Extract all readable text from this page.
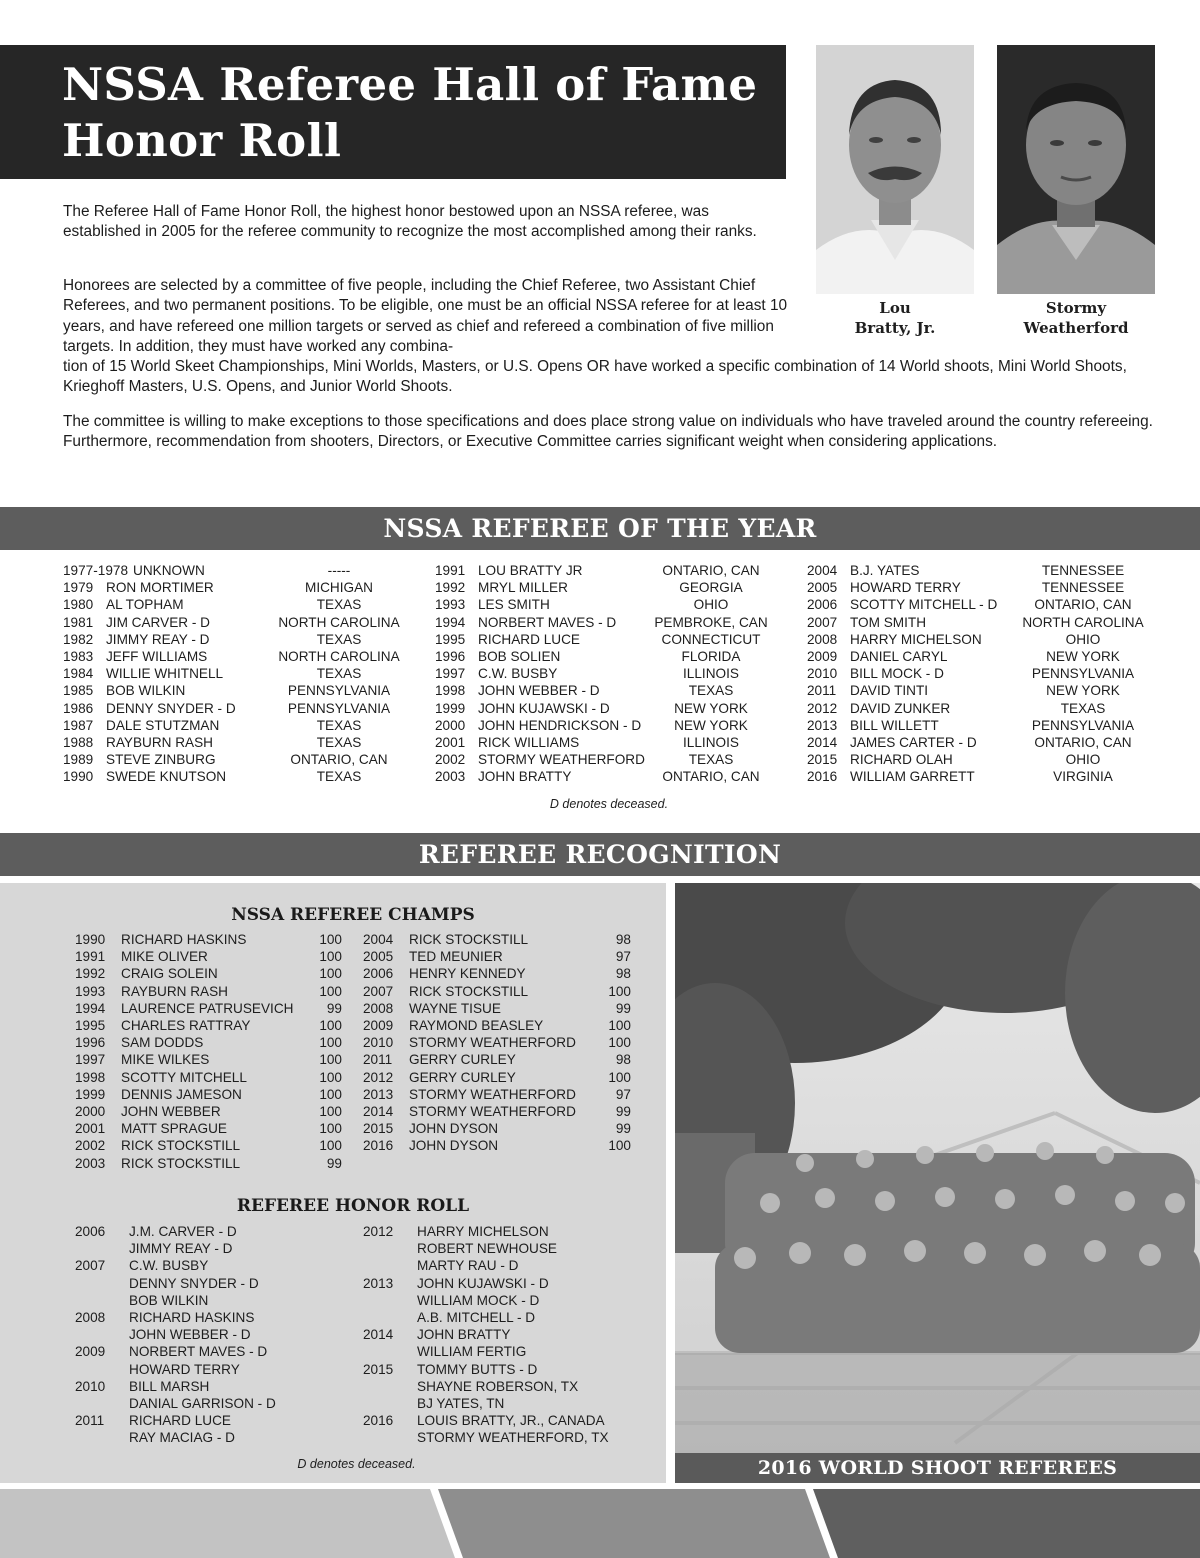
NSSA Referee Hall of Fame
Honor Roll

The Referee Hall of Fame Honor Roll, the highest honor bestowed upon an NSSA referee, was established in 2005 for the referee community to recognize the most accomplished among their ranks.

Honorees are selected by a committee of five people, including the Chief Referee, two Assistant Chief Referees, and two permanent positions. To be eligible, one must be an official NSSA referee for at least 10 years, and have refereed one million targets or served as chief and refereed a combination of five million targets. In addition, they must have worked any combina-
tion of 15 World Skeet Championships, Mini Worlds, Masters, or U.S. Opens OR have worked a specific combination of 14 World shoots, Mini World Shoots, Krieghoff Masters, U.S. Opens, and Junior World Shoots.

The committee is willing to make exceptions to those specifications and does place strong value on individuals who have traveled around the country refereeing. Furthermore, recommendation from shooters, Directors, or Executive Committee carries significant weight when considering applications.

Lou
Bratty, Jr.
Stormy
Weatherford
NSSA REFEREE OF THE YEAR
1977-1978 UNKNOWN	-----
1979 RON MORTIMER	MICHIGAN
1980 AL TOPHAM	TEXAS
1981 JIM CARVER - D	NORTH CAROLINA
1982 JIMMY REAY - D	TEXAS
1983 JEFF WILLIAMS	NORTH CAROLINA
1984 WILLIE WHITNELL	TEXAS
1985 BOB WILKIN	PENNSYLVANIA
1986 DENNY SNYDER - D	PENNSYLVANIA
1987 DALE STUTZMAN	TEXAS
1988 RAYBURN RASH	TEXAS
1989 STEVE ZINBURG	ONTARIO, CAN
1990 SWEDE KNUTSON	TEXAS
1991 LOU BRATTY JR	ONTARIO, CAN
1992 MRYL MILLER	GEORGIA
1993 LES SMITH	OHIO
1994 NORBERT MAVES - D	PEMBROKE, CAN
1995 RICHARD LUCE	CONNECTICUT
1996 BOB SOLIEN	FLORIDA
1997 C.W. BUSBY	ILLINOIS
1998 JOHN WEBBER - D	TEXAS
1999 JOHN KUJAWSKI - D	NEW YORK
2000 JOHN HENDRICKSON - D	NEW YORK
2001 RICK WILLIAMS	ILLINOIS
2002 STORMY WEATHERFORD	TEXAS
2003 JOHN BRATTY	ONTARIO, CAN
2004 B.J. YATES	TENNESSEE
2005 HOWARD TERRY	TENNESSEE
2006 SCOTTY MITCHELL - D	ONTARIO, CAN
2007 TOM SMITH	NORTH CAROLINA
2008 HARRY MICHELSON	OHIO
2009 DANIEL CARYL	NEW YORK
2010 BILL MOCK - D	PENNSYLVANIA
2011	DAVID TINTI	NEW YORK
2012 DAVID ZUNKER	TEXAS
2013 BILL WILLETT	PENNSYLVANIA
2014 JAMES CARTER - D	ONTARIO, CAN
2015 RICHARD OLAH	OHIO
2016 WILLIAM GARRETT	VIRGINIA
D denotes deceased.
REFEREE RECOGNITION
NSSA REFEREE CHAMPS
1990	RICHARD HASKINS	100
1991	MIKE OLIVER	100
1992	CRAIG SOLEIN	100
1993	RAYBURN RASH	100
1994	LAURENCE PATRUSEVICH 99
1995	CHARLES RATTRAY	100
1996	SAM DODDS	100
1997	MIKE WILKES	100
1998	SCOTTY MITCHELL	100
1999	DENNIS JAMESON	100
2000	JOHN WEBBER	100
2001	MATT SPRAGUE	100
2002	RICK STOCKSTILL	100
2003	RICK STOCKSTILL	99
2004	RICK STOCKSTILL	98
2005	TED MEUNIER	97
2006	HENRY KENNEDY	98
2007	RICK STOCKSTILL	100
2008	WAYNE TISUE	99
2009	RAYMOND BEASLEY	100
2010	STORMY WEATHERFORD 100
2011	GERRY CURLEY	98
2012	GERRY CURLEY	100
2013	STORMY WEATHERFORD	97
2014	STORMY WEATHERFORD	99
2015	JOHN DYSON	99
2016	JOHN DYSON	100
REFEREE HONOR ROLL
2006	J.M. CARVER - D
JIMMY REAY - D
2007	C.W. BUSBY
DENNY SNYDER - D
BOB WILKIN
2008	RICHARD HASKINS
JOHN WEBBER - D
2009	NORBERT MAVES - D
HOWARD TERRY
2010	BILL MARSH
DANIAL GARRISON - D
2011	RICHARD LUCE
RAY MACIAG - D
2012	HARRY MICHELSON
ROBERT NEWHOUSE
MARTY RAU - D
2013	JOHN KUJAWSKI - D
WILLIAM MOCK - D
A.B. MITCHELL - D
2014	JOHN BRATTY
WILLIAM FERTIG
2015	TOMMY BUTTS - D
SHAYNE ROBERSON, TX
BJ YATES, TN
2016	LOUIS BRATTY, JR., CANADA
STORMY WEATHERFORD, TX
D denotes deceased.	2016 WORLD SHOOT REFEREES
